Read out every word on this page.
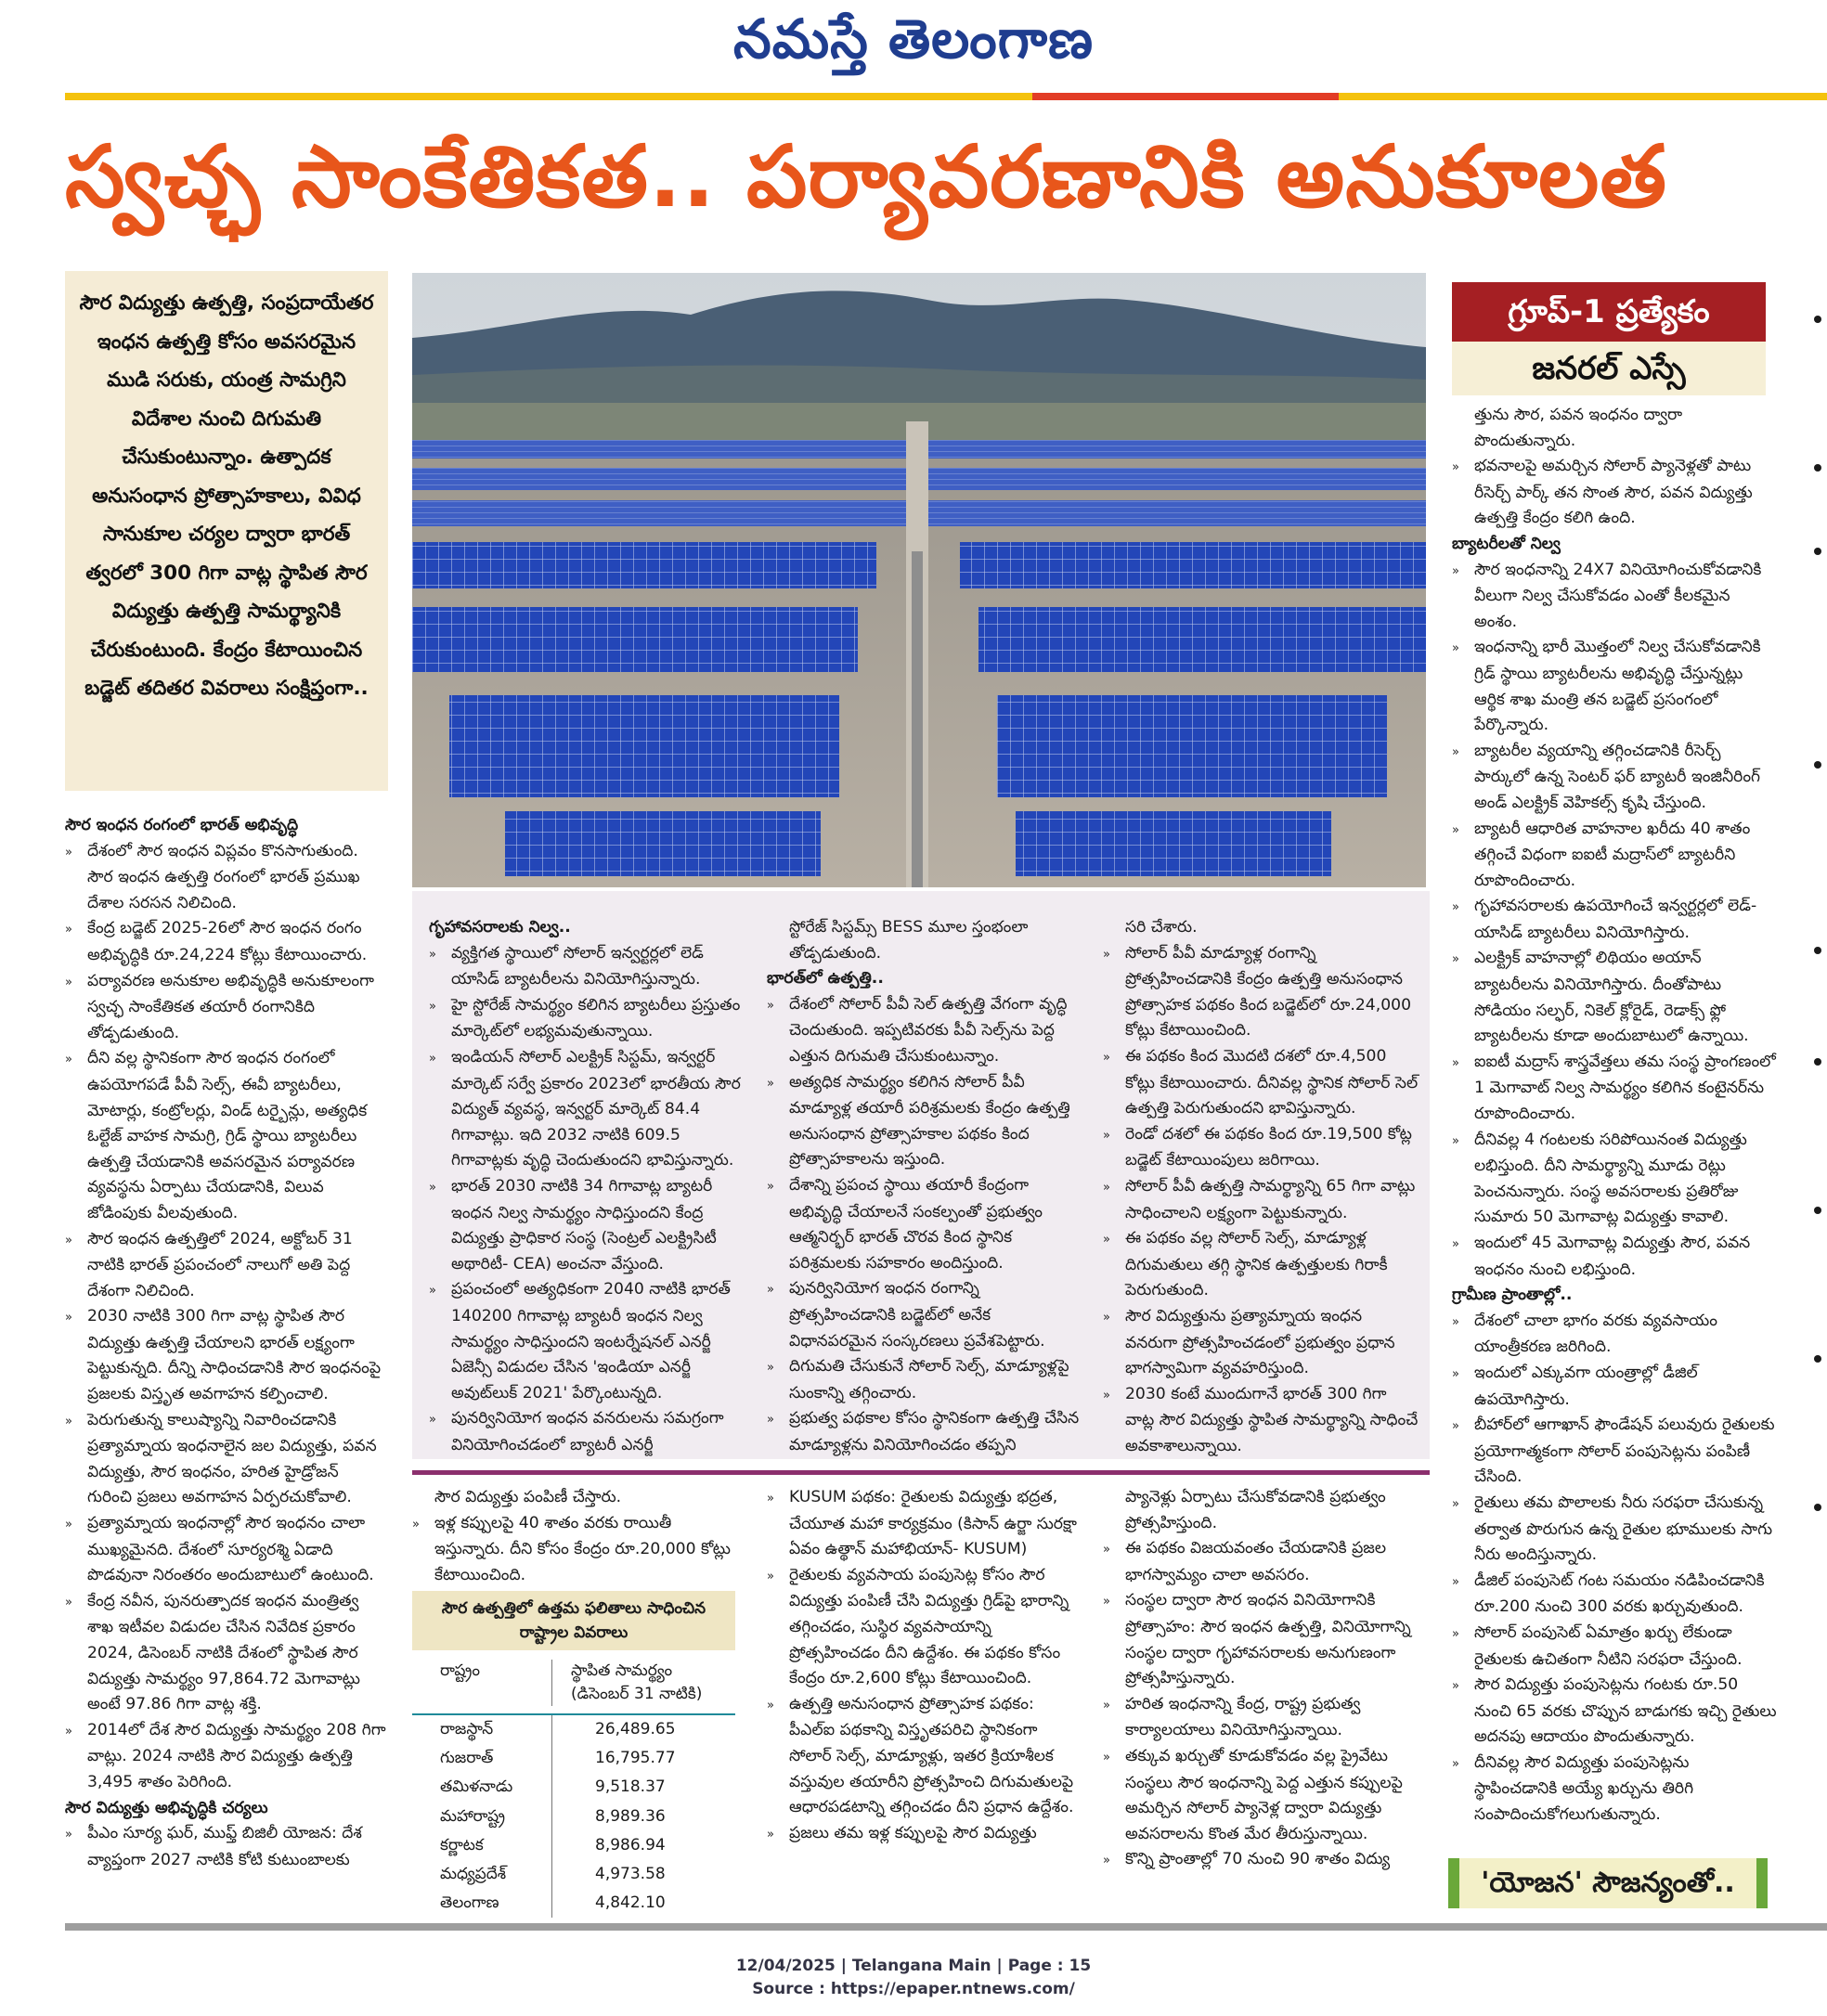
నమస్తే తెలంగాణ
స్వచ్ఛ సాంకేతికత.. పర్యావరణానికి అనుకూలత
సౌర విద్యుత్తు ఉత్పత్తి, సంప్రదాయేతర ఇంధన ఉత్పత్తి కోసం అవసరమైన ముడి సరుకు, యంత్ర సామగ్రిని విదేశాల నుంచి దిగుమతి చేసుకుంటున్నాం. ఉత్పాదక అనుసంధాన ప్రోత్సాహకాలు, వివిధ సానుకూల చర్యల ద్వారా భారత్‌ త్వరలో 300 గిగా వాట్ల స్థాపిత సౌర విద్యుత్తు ఉత్పత్తి సామర్థ్యానికి చేరుకుంటుంది. కేంద్రం కేటాయించిన బడ్జెట్‌ తదితర వివరాలు సంక్షిప్తంగా..
గ్రూప్‌-1 ప్రత్యేకం
జనరల్‌ ఎస్సే
సౌర ఇంధన రంగంలో భారత్‌ అభివృద్ధి

» దేశంలో సౌర ఇంధన విప్లవం కొనసాగుతుంది. సౌర ఇంధన ఉత్పత్తి రంగంలో భారత్‌ ప్రముఖ దేశాల సరసన నిలిచింది.

» కేంద్ర బడ్జెట్‌ 2025-26లో సౌర ఇంధన రంగం అభివృద్ధికి రూ.24,224 కోట్లు కేటాయించారు.

» పర్యావరణ అనుకూల అభివృద్ధికి అనుకూలంగా స్వచ్ఛ సాంకేతికత తయారీ రంగానికిది తోడ్పడుతుంది.

» దీని వల్ల స్థానికంగా సౌర ఇంధన రంగంలో ఉపయోగపడే పీవీ సెల్స్‌, ఈవీ బ్యాటరీలు, మోటార్లు, కంట్రోలర్లు, విండ్‌ టర్బైన్లు, అత్యధిక ఓల్టేజ్‌ వాహక సామగ్రి, గ్రిడ్‌ స్థాయి బ్యాటరీలు ఉత్పత్తి చేయడానికి అవసరమైన పర్యావరణ వ్యవస్థను ఏర్పాటు చేయడానికి, విలువ జోడింపుకు వీలవుతుంది.

» సౌర ఇంధన ఉత్పత్తిలో 2024, అక్టోబర్‌ 31 నాటికి భారత్‌ ప్రపంచంలో నాలుగో అతి పెద్ద దేశంగా నిలిచింది.

» 2030 నాటికి 300 గిగా వాట్ల స్థాపిత సౌర విద్యుత్తు ఉత్పత్తి చేయాలని భారత్‌ లక్ష్యంగా పెట్టుకున్నది. దీన్ని సాధించడానికి సౌర ఇంధనంపై ప్రజలకు విస్తృత అవగాహన కల్పించాలి.

» పెరుగుతున్న కాలుష్యాన్ని నివారించడానికి ప్రత్యామ్నాయ ఇంధనాలైన జల విద్యుత్తు, పవన విద్యుత్తు, సౌర ఇంధనం, హరిత హైడ్రోజన్‌ గురించి ప్రజలు అవగాహన ఏర్పరచుకోవాలి.

» ప్రత్యామ్నాయ ఇంధనాల్లో సౌర ఇంధనం చాలా ముఖ్యమైనది. దేశంలో సూర్యరశ్మి ఏడాది పొడవునా నిరంతరం అందుబాటులో ఉంటుంది.

» కేంద్ర నవీన, పునరుత్పాదక ఇంధన మంత్రిత్వ శాఖ ఇటీవల విడుదల చేసిన నివేదిక ప్రకారం 2024, డిసెంబర్‌ నాటికి దేశంలో స్థాపిత సౌర విద్యుత్తు సామర్థ్యం 97,864.72 మెగావాట్లు అంటే 97.86 గిగా వాట్ల శక్తి.

» 2014లో దేశ సౌర విద్యుత్తు సామర్థ్యం 208 గిగా వాట్లు. 2024 నాటికి సౌర విద్యుత్తు ఉత్పత్తి 3,495 శాతం పెరిగింది.

సౌర విద్యుత్తు అభివృద్ధికి చర్యలు

» పీఎం సూర్య ఘర్‌, ముఫ్త్‌ బిజిలీ యోజన: దేశ వ్యాప్తంగా 2027 నాటికి కోటి కుటుంబాలకు

గృహావసరాలకు నిల్వ..

» వ్యక్తిగత స్థాయిలో సోలార్‌ ఇన్వర్టర్లలో లెడ్‌ యాసిడ్‌ బ్యాటరీలను వినియోగిస్తున్నారు.

» హై స్టోరేజ్‌ సామర్థ్యం కలిగిన బ్యాటరీలు ప్రస్తుతం మార్కెట్‌లో లభ్యమవుతున్నాయి.

» ఇండియన్‌ సోలార్‌ ఎలక్ట్రిక్‌ సిస్టమ్‌, ఇన్వర్టర్‌ మార్కెట్‌ సర్వే ప్రకారం 2023లో భారతీయ సౌర విద్యుత్‌ వ్యవస్థ, ఇన్వర్టర్‌ మార్కెట్‌ 84.4 గిగావాట్లు. ఇది 2032 నాటికి 609.5 గిగావాట్లకు వృద్ధి చెందుతుందని భావిస్తున్నారు.

» భారత్‌ 2030 నాటికి 34 గిగావాట్ల బ్యాటరీ ఇంధన నిల్వ సామర్థ్యం సాధిస్తుందని కేంద్ర విద్యుత్తు ప్రాధికార సంస్థ (సెంట్రల్‌ ఎలక్ట్రిసిటీ అథారిటీ- CEA) అంచనా వేస్తుంది.

» ప్రపంచంలో అత్యధికంగా 2040 నాటికి భారత్‌ 140200 గిగావాట్ల బ్యాటరీ ఇంధన నిల్వ సామర్థ్యం సాధిస్తుందని ఇంటర్నేషనల్‌ ఎనర్జీ ఏజెన్సీ విడుదల చేసిన 'ఇండియా ఎనర్జీ అవుట్‌లుక్‌ 2021' పేర్కొంటున్నది.

» పునర్వినియోగ ఇంధన వనరులను సమగ్రంగా వినియోగించడంలో బ్యాటరీ ఎనర్జీ

స్టోరేజ్‌ సిస్టమ్స్‌ BESS మూల స్తంభంలా తోడ్పడుతుంది.

భారత్‌లో ఉత్పత్తి..

» దేశంలో సోలార్‌ పీవీ సెల్‌ ఉత్పత్తి వేగంగా వృద్ధి చెందుతుంది. ఇప్పటివరకు పీవీ సెల్స్‌ను పెద్ద ఎత్తున దిగుమతి చేసుకుంటున్నాం.

» అత్యధిక సామర్థ్యం కలిగిన సోలార్‌ పీవీ మాడ్యూళ్ల తయారీ పరిశ్రమలకు కేంద్రం ఉత్పత్తి అనుసంధాన ప్రోత్సాహకాల పథకం కింద ప్రోత్సాహకాలను ఇస్తుంది.

» దేశాన్ని ప్రపంచ స్థాయి తయారీ కేంద్రంగా అభివృద్ధి చేయాలనే సంకల్పంతో ప్రభుత్వం ఆత్మనిర్భర్‌ భారత్‌ చొరవ కింద స్థానిక పరిశ్రమలకు సహకారం అందిస్తుంది.

» పునర్వినియోగ ఇంధన రంగాన్ని ప్రోత్సహించడానికి బడ్జెట్‌లో అనేక విధానపరమైన సంస్కరణలు ప్రవేశపెట్టారు.

» దిగుమతి చేసుకునే సోలార్‌ సెల్స్‌, మాడ్యూళ్లపై సుంకాన్ని తగ్గించారు.

» ప్రభుత్వ పథకాల కోసం స్థానికంగా ఉత్పత్తి చేసిన మాడ్యూళ్లను వినియోగించడం తప్పని

సరి చేశారు.

» సోలార్‌ పీవీ మాడ్యూళ్ల రంగాన్ని ప్రోత్సహించడానికి కేంద్రం ఉత్పత్తి అనుసంధాన ప్రోత్సాహక పథకం కింద బడ్జెట్‌లో రూ.24,000 కోట్లు కేటాయించింది.

» ఈ పథకం కింద మొదటి దశలో రూ.4,500 కోట్లు కేటాయించారు. దీనివల్ల స్థానిక సోలార్‌ సెల్‌ ఉత్పత్తి పెరుగుతుందని భావిస్తున్నారు.

» రెండో దశలో ఈ పథకం కింద రూ.19,500 కోట్ల బడ్జెట్‌ కేటాయింపులు జరిగాయి.

» సోలార్‌ పీవీ ఉత్పత్తి సామర్థ్యాన్ని 65 గిగా వాట్లు సాధించాలని లక్ష్యంగా పెట్టుకున్నారు.

» ఈ పథకం వల్ల సోలార్‌ సెల్స్‌, మాడ్యూళ్ల దిగుమతులు తగ్గి స్థానిక ఉత్పత్తులకు గిరాకీ పెరుగుతుంది.

» సౌర విద్యుత్తును ప్రత్యామ్నాయ ఇంధన వనరుగా ప్రోత్సహించడంలో ప్రభుత్వం ప్రధాన భాగస్వామిగా వ్యవహరిస్తుంది.

» 2030 కంటే ముందుగానే భారత్‌ 300 గిగా వాట్ల సౌర విద్యుత్తు స్థాపిత సామర్థ్యాన్ని సాధించే అవకాశాలున్నాయి.

సౌర విద్యుత్తు పంపిణీ చేస్తారు.

» ఇళ్ల కప్పులపై 40 శాతం వరకు రాయితీ ఇస్తున్నారు. దీని కోసం కేంద్రం రూ.20,000 కోట్లు కేటాయించింది.

సౌర ఉత్పత్తిలో ఉత్తమ ఫలితాలు సాధించిన రాష్ట్రాల వివరాలు
రాష్ట్రం	స్థాపిత సామర్థ్యం (డిసెంబర్‌ 31 నాటికి)
రాజస్థాన్‌	26,489.65
గుజరాత్‌	16,795.77
తమిళనాడు	9,518.37
మహారాష్ట్ర	8,989.36
కర్ణాటక	8,986.94
మధ్యప్రదేశ్‌	4,973.58
తెలంగాణ	4,842.10

» KUSUM పథకం: రైతులకు విద్యుత్తు భద్రత, చేయూత మహా కార్యక్రమం (కిసాన్‌ ఉర్జా సురక్షా ఏవం ఉత్థాన్‌ మహాభియాన్‌- KUSUM)

» రైతులకు వ్యవసాయ పంపుసెట్ల కోసం సౌర విద్యుత్తు పంపిణీ చేసి విద్యుత్తు గ్రిడ్‌పై భారాన్ని తగ్గించడం, సుస్థిర వ్యవసాయాన్ని ప్రోత్సహించడం దీని ఉద్దేశం. ఈ పథకం కోసం కేంద్రం రూ.2,600 కోట్లు కేటాయించింది.

» ఉత్పత్తి అనుసంధాన ప్రోత్సాహక పథకం: పీఎల్‌ఐ పథకాన్ని విస్తృతపరిచి స్థానికంగా సోలార్‌ సెల్స్‌, మాడ్యూళ్లు, ఇతర క్రియాశీలక వస్తువుల తయారీని ప్రోత్సహించి దిగుమతులపై ఆధారపడటాన్ని తగ్గించడం దీని ప్రధాన ఉద్దేశం.

» ప్రజలు తమ ఇళ్ల కప్పులపై సౌర విద్యుత్తు

ప్యానెళ్లు ఏర్పాటు చేసుకోవడానికి ప్రభుత్వం ప్రోత్సహిస్తుంది.

» ఈ పథకం విజయవంతం చేయడానికి ప్రజల భాగస్వామ్యం చాలా అవసరం.

» సంస్థల ద్వారా సౌర ఇంధన వినియోగానికి ప్రోత్సాహం: సౌర ఇంధన ఉత్పత్తి, వినియోగాన్ని సంస్థల ద్వారా గృహావసరాలకు అనుగుణంగా ప్రోత్సహిస్తున్నారు.

» హరిత ఇంధనాన్ని కేంద్ర, రాష్ట్ర ప్రభుత్వ కార్యాలయాలు వినియోగిస్తున్నాయి.

» తక్కువ ఖర్చుతో కూడుకోవడం వల్ల ప్రైవేటు సంస్థలు సౌర ఇంధనాన్ని పెద్ద ఎత్తున కప్పులపై అమర్చిన సోలార్‌ ప్యానెళ్ల ద్వారా విద్యుత్తు అవసరాలను కొంత మేర తీరుస్తున్నాయి.

» కొన్ని ప్రాంతాల్లో 70 నుంచి 90 శాతం విద్యు

త్తును సౌర, పవన ఇంధనం ద్వారా పొందుతున్నారు.

» భవనాలపై అమర్చిన సోలార్‌ ప్యానెళ్లతో పాటు రీసెర్చ్‌ పార్క్‌ తన సొంత సౌర, పవన విద్యుత్తు ఉత్పత్తి కేంద్రం కలిగి ఉంది.

బ్యాటరీలతో నిల్వ

» సౌర ఇంధనాన్ని 24X7 వినియోగించుకోవడానికి వీలుగా నిల్వ చేసుకోవడం ఎంతో కీలకమైన అంశం.

» ఇంధనాన్ని భారీ మొత్తంలో నిల్వ చేసుకోవడానికి గ్రిడ్‌ స్థాయి బ్యాటరీలను అభివృద్ధి చేస్తున్నట్లు ఆర్థిక శాఖ మంత్రి తన బడ్జెట్‌ ప్రసంగంలో పేర్కొన్నారు.

» బ్యాటరీల వ్యయాన్ని తగ్గించడానికి రీసెర్చ్‌ పార్కులో ఉన్న సెంటర్‌ ఫర్‌ బ్యాటరీ ఇంజినీరింగ్‌ అండ్‌ ఎలక్ట్రిక్‌ వెహికల్స్‌ కృషి చేస్తుంది.

» బ్యాటరీ ఆధారిత వాహనాల ఖరీదు 40 శాతం తగ్గించే విధంగా ఐఐటీ మద్రాస్‌లో బ్యాటరీని రూపొందించారు.

» గృహావసరాలకు ఉపయోగించే ఇన్వర్టర్లలో లెడ్‌-యాసిడ్‌ బ్యాటరీలు వినియోగిస్తారు.

» ఎలక్ట్రిక్‌ వాహనాల్లో లిథియం అయాన్‌ బ్యాటరీలను వినియోగిస్తారు. దీంతోపాటు సోడియం సల్ఫర్‌, నికెల్‌ క్లోరైడ్‌, రెడాక్స్‌ ఫ్లో బ్యాటరీలను కూడా అందుబాటులో ఉన్నాయి.

» ఐఐటీ మద్రాస్‌ శాస్త్రవేత్తలు తమ సంస్థ ప్రాంగణంలో 1 మెగావాట్‌ నిల్వ సామర్థ్యం కలిగిన కంటైనర్‌ను రూపొందించారు.

» దీనివల్ల 4 గంటలకు సరిపోయినంత విద్యుత్తు లభిస్తుంది. దీని సామర్థ్యాన్ని మూడు రెట్లు పెంచనున్నారు. సంస్థ అవసరాలకు ప్రతిరోజు సుమారు 50 మెగావాట్ల విద్యుత్తు కావాలి.

» ఇందులో 45 మెగావాట్ల విద్యుత్తు సౌర, పవన ఇంధనం నుంచి లభిస్తుంది.

గ్రామీణ ప్రాంతాల్లో..

» దేశంలో చాలా భాగం వరకు వ్యవసాయం యాంత్రీకరణ జరిగింది.

» ఇందులో ఎక్కువగా యంత్రాల్లో డీజిల్‌ ఉపయోగిస్తారు.

» బీహార్‌లో ఆగాఖాన్‌ ఫౌండేషన్‌ పలువురు రైతులకు ప్రయోగాత్మకంగా సోలార్‌ పంపుసెట్లను పంపిణీ చేసింది.

» రైతులు తమ పొలాలకు నీరు సరఫరా చేసుకున్న తర్వాత పొరుగున ఉన్న రైతుల భూములకు సాగు నీరు అందిస్తున్నారు.

» డీజిల్‌ పంపుసెట్‌ గంట సమయం నడిపించడానికి రూ.200 నుంచి 300 వరకు ఖర్చువుతుంది.

» సోలార్‌ పంపుసెట్‌ ఏమాత్రం ఖర్చు లేకుండా రైతులకు ఉచితంగా నీటిని సరఫరా చేస్తుంది.

» సౌర విద్యుత్తు పంపుసెట్లను గంటకు రూ.50 నుంచి 65 వరకు చొప్పున బాడుగకు ఇచ్చి రైతులు అదనపు ఆదాయం పొందుతున్నారు.

» దీనివల్ల సౌర విద్యుత్తు పంపుసెట్లను స్థాపించడానికి అయ్యే ఖర్చును తిరిగి సంపాదించుకోగలుగుతున్నారు.

'యోజన' సౌజన్యంతో..
12/04/2025 | Telangana Main | Page : 15
Source : https://epaper.ntnews.com/
